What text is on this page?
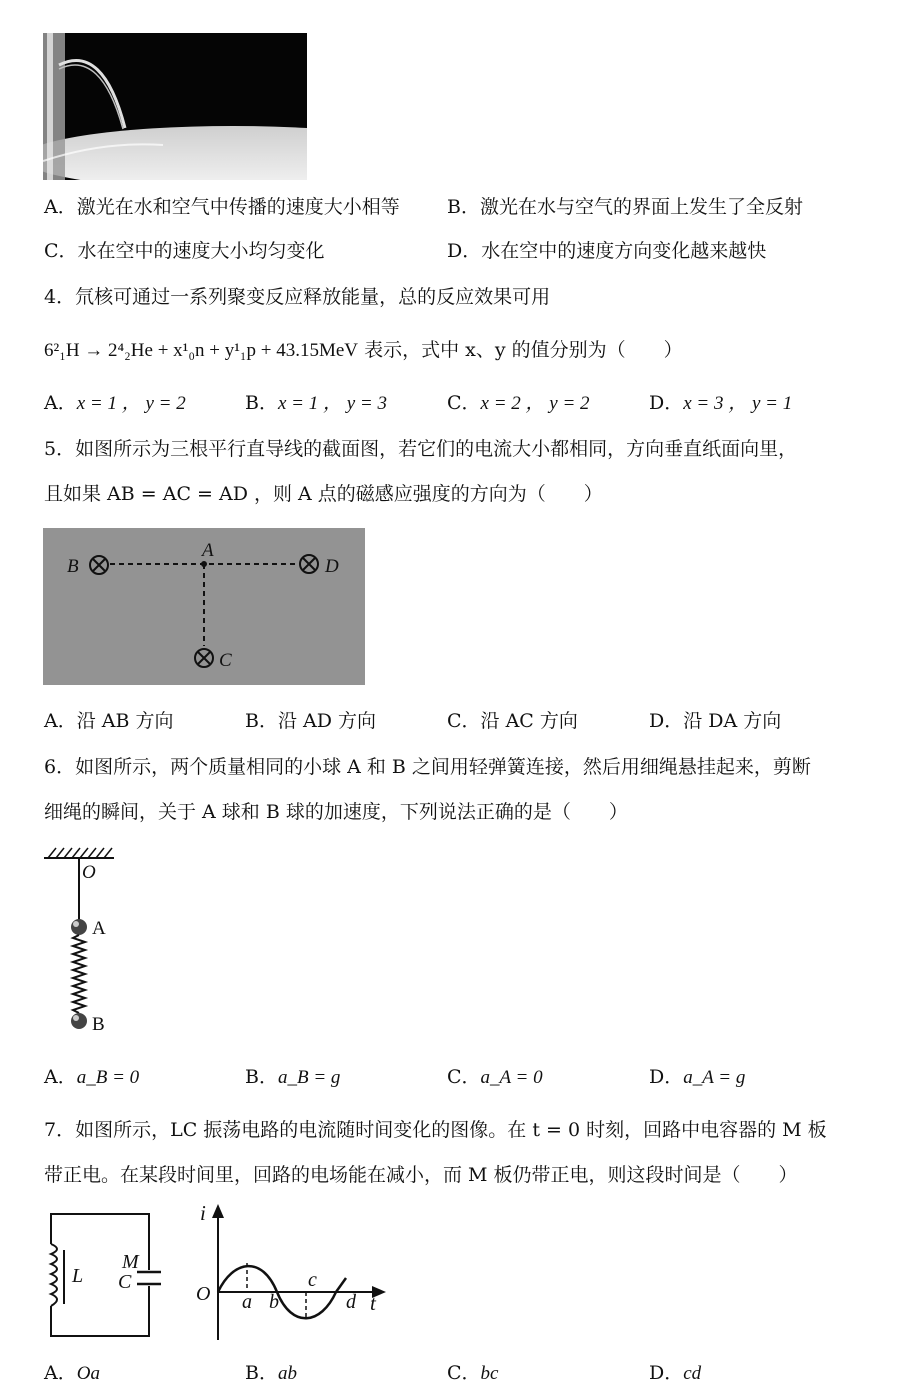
A．激光在水和空气中传播的速度大小相等 B．激光在水与空气的界面上发生了全反射
C．水在空中的速度大小均匀变化	D．水在空中的速度方向变化越来越快
4．氘核可通过一系列聚变反应释放能量，总的反应效果可用
6²₁H → 2⁴₂He + x¹₀n + y¹₁p + 43.15MeV 表示，式中 x、y 的值分别为（　　）
A．x = 1 ， y = 2	B．x = 1 ， y = 3	C．x = 2 ， y = 2	D．x = 3 ， y = 1
5．如图所示为三根平行直导线的截面图，若它们的电流大小都相同，方向垂直纸面向里，
且如果 AB = AC = AD ，则 A 点的磁感应强度的方向为（　　）
A
B	D
C
A．沿 AB 方向	B．沿 AD 方向	C．沿 AC 方向	D．沿 DA 方向
6．如图所示，两个质量相同的小球 A 和 B 之间用轻弹簧连接，然后用细绳悬挂起来，剪断
细绳的瞬间，关于 A 球和 B 球的加速度，下列说法正确的是（　　）
O
A
B
A．a_B = 0	B．a_B = g	C．a_A = 0	D．a_A = g
7．如图所示，LC 振荡电路的电流随时间变化的图像。在 t = 0 时刻，回路中电容器的 M 板
带正电。在某段时间里，回路的电场能在减小，而 M 板仍带正电，则这段时间是（　　）
L
M
C
i
O a b
c
d t
A．Oa	B．ab	C．bc	D．cd
